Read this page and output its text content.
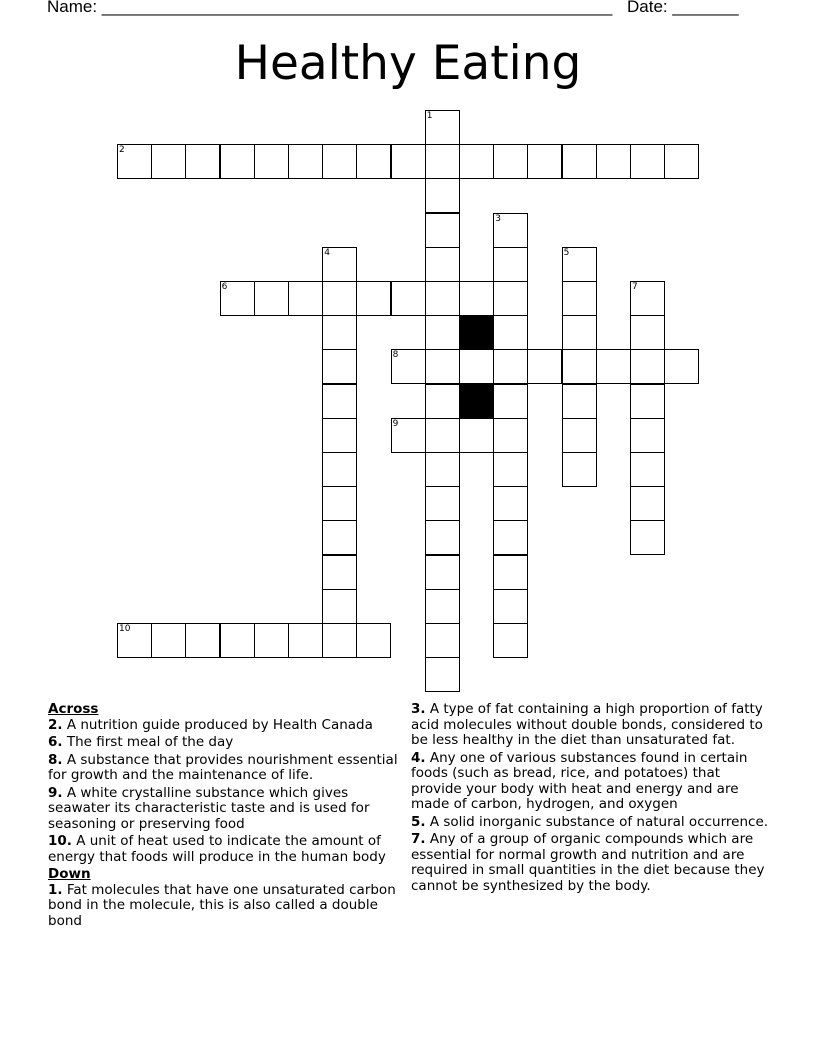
Name: ______________________________________________________ Date: _______
Healthy Eating
1
2
3
4	5
6	7
8
9
10
Across
2. A nutrition guide produced by Health Canada
6. The first meal of the day
8. A substance that provides nourishment essential for growth and the maintenance of life.
9. A white crystalline substance which gives seawater its characteristic taste and is used for seasoning or preserving food
10. A unit of heat used to indicate the amount of energy that foods will produce in the human body
Down
1. Fat molecules that have one unsaturated carbon bond in the molecule, this is also called a double bond
3. A type of fat containing a high proportion of fatty acid molecules without double bonds, considered to be less healthy in the diet than unsaturated fat.
4. Any one of various substances found in certain foods (such as bread, rice, and potatoes) that provide your body with heat and energy and are made of carbon, hydrogen, and oxygen
5. A solid inorganic substance of natural occurrence.
7. Any of a group of organic compounds which are essential for normal growth and nutrition and are required in small quantities in the diet because they cannot be synthesized by the body.
